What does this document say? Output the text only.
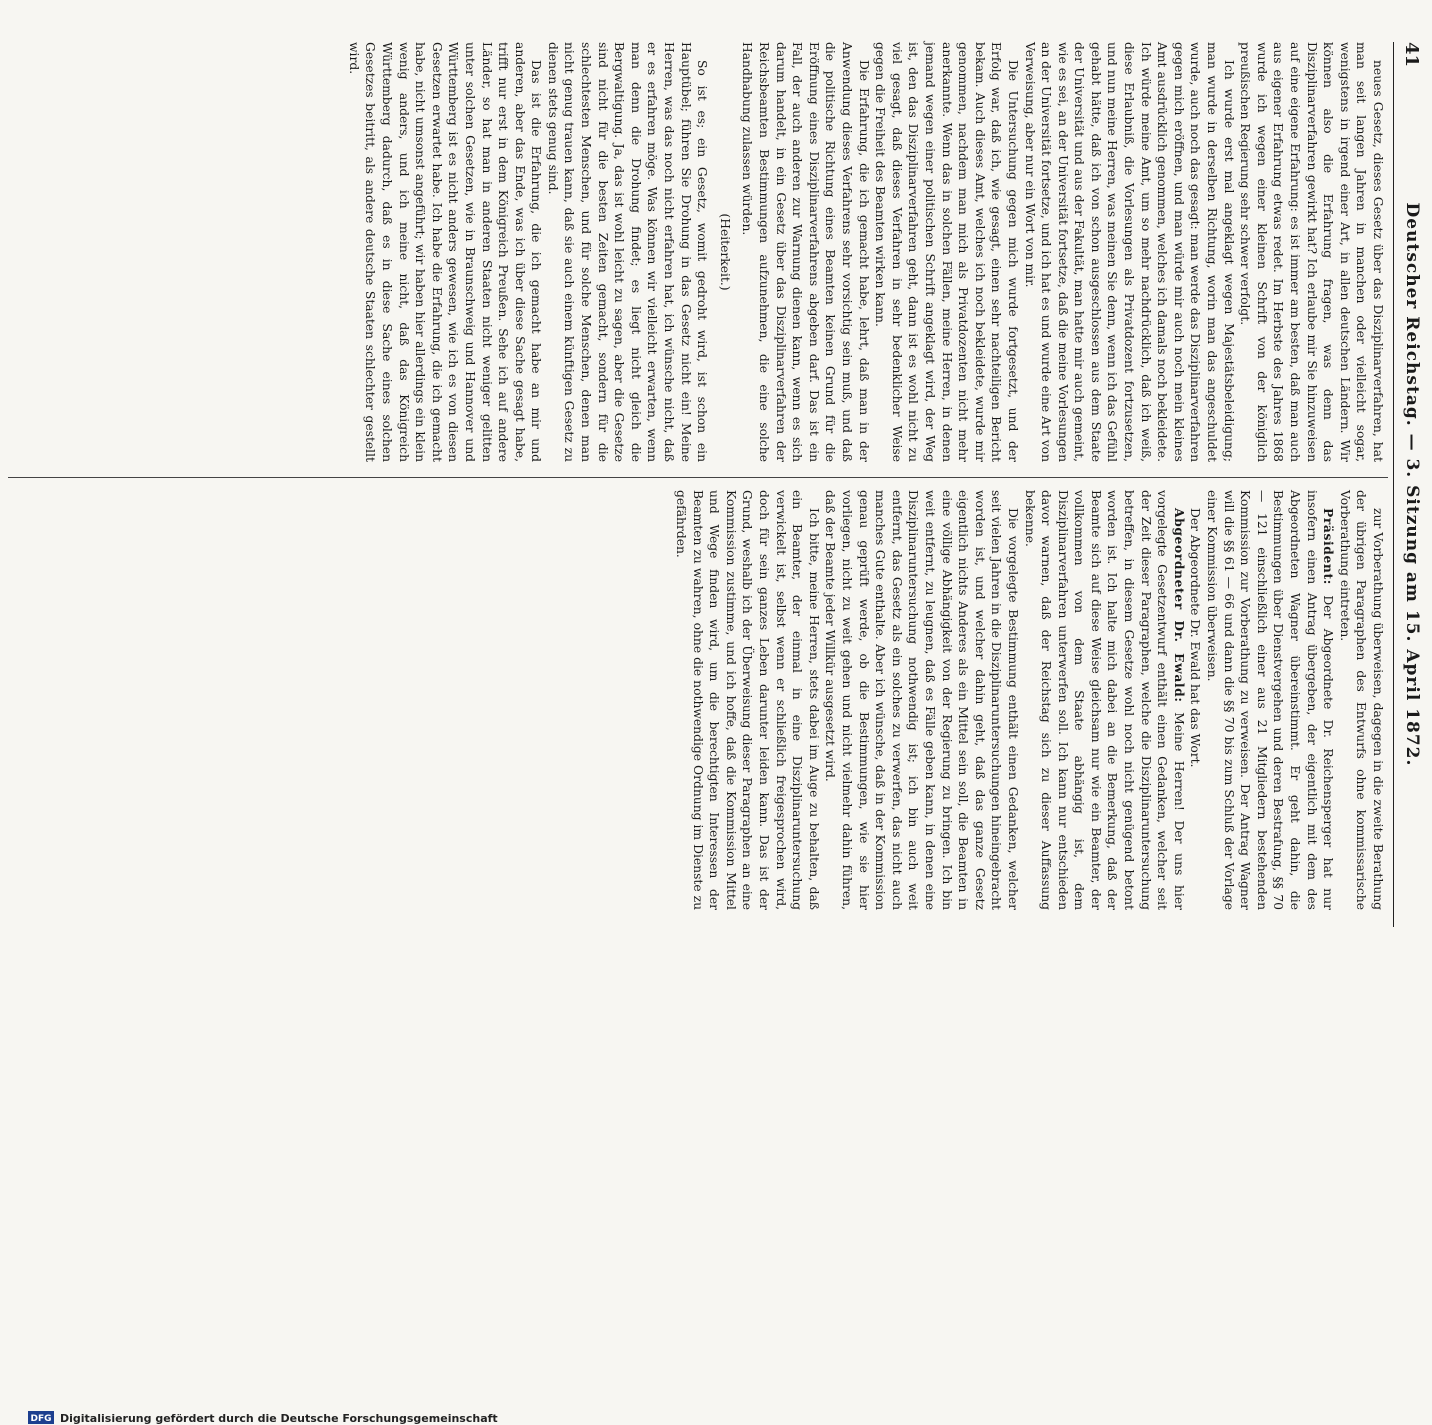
41
Deutscher Reichstag. — 3. Sitzung am 15. April 1872.

neues Gesetz, dieses Gesetz über das Disziplinarverfahren, hat man seit langen Jahren in manchen oder vielleicht sogar, wenigstens in irgend einer Art, in allen deutschen Ländern. Wir können also die Erfahrung fragen, was denn das Disziplinarverfahren gewirkt hat? Ich erlaube mir Sie hinzuweisen auf eine eigene Erfahrung: es ist immer am besten, daß man auch aus eigener Erfahrung etwas redet. Im Herbste des Jahres 1868 wurde ich wegen einer kleinen Schrift von der königlich preußischen Regierung sehr schwer verfolgt.

Ich wurde erst mal angeklagt wegen Majestätsbeleidigung; man wurde in derselben Richtung, worin man das angeschuldet wurde, auch noch das gesagt: man werde das Disziplinarverfahren gegen mich eröffnen, und man würde mir auch noch mein kleines Amt ausdrücklich genommen, welches ich damals noch bekleidete. Ich würde meine Amt, um so mehr nachdrücklich, daß ich weiß, diese Erlaubniß, die Vorlesungen als Privatdozent fortzusetzen, und nun meine Herren, was meinen Sie denn, wenn ich das Gefühl gehabt hätte, daß ich von schon ausgeschlossen aus dem Staate der Universität und aus der Fakultät, man hatte mir auch gemeint, wie es sei, an der Universität fortsetze, daß die meine Vorlesungen an der Universität fortsetze, und ich hat es und wurde eine Art von Verweisung, aber nur ein Wort von mir.

Die Untersuchung gegen mich wurde fortgesetzt, und der Erfolg war, daß ich, wie gesagt, einen sehr nachteiligen Bericht bekam. Auch dieses Amt, welches ich noch bekleidete, wurde mir genommen, nachdem man mich als Privatdozenten nicht mehr anerkannte. Wenn das in solchen Fällen, meine Herren, in denen jemand wegen einer politischen Schrift angeklagt wird, der Weg ist, den das Disziplinarverfahren geht, dann ist es wohl nicht zu viel gesagt, daß dieses Verfahren in sehr bedenklicher Weise gegen die Freiheit des Beamten wirken kann.

Die Erfahrung, die ich gemacht habe, lehrt, daß man in der Anwendung dieses Verfahrens sehr vorsichtig sein muß, und daß die politische Richtung eines Beamten keinen Grund für die Eröffnung eines Disziplinarverfahrens abgeben darf. Das ist ein Fall, der auch anderen zur Warnung dienen kann, wenn es sich darum handelt, in ein Gesetz über das Disziplinarverfahren der Reichsbeamten Bestimmungen aufzunehmen, die eine solche Handhabung zulassen würden.

(Heiterkeit.)

So ist es; ein Gesetz, womit gedroht wird, ist schon ein Hauptübel; führen Sie Drohung in das Gesetz nicht ein! Meine Herren, was das noch nicht erfahren hat, ich wünsche nicht, daß er es erfahren möge. Was können wir vielleicht erwarten, wenn man denn die Drohung findet; es liegt nicht gleich die Bergwaltigung. Ja, das ist wohl leicht zu sagen, aber die Gesetze sind nicht für die besten Zeiten gemacht, sondern für die schlechtesten Menschen, und für solche Menschen, denen man nicht genug trauen kann, daß sie auch einem künftigen Gesetz zu dienen stets genug sind.

Das ist die Erfahrung, die ich gemacht habe an mir und anderen, aber das Ende, was ich über diese Sache gesagt habe, trifft nur erst in dem Königreich Preußen. Sehe ich auf andere Länder, so hat man in anderen Staaten nicht weniger gelitten unter solchen Gesetzen, wie in Braunschweig und Hannover und Württemberg ist es nicht anders gewesen, wie ich es von diesen Gesetzen erwartet habe. Ich habe die Erfahrung, die ich gemacht habe, nicht umsonst angeführt; wir haben hier allerdings ein klein wenig anders, und ich meine nicht, daß das Königreich Württemberg dadurch, daß es in diese Sache eines solchen Gesetzes beitritt, als andere deutsche Staaten schlechter gestellt wird.

zur Vorberathung überweisen, dagegen in die zweite Berathung der übrigen Paragraphen des Entwurfs ohne kommissarische Vorberathung eintreten.

Präsident: Der Abgeordnete Dr. Reichensperger hat nur insofern einen Antrag übergeben, der eigentlich mit dem des Abgeordneten Wagner übereinstimmt. Er geht dahin, die Bestimmungen über Dienstvergehen und deren Bestrafung, §§ 70 — 121 einschließlich einer aus 21 Mitgliedern bestehenden Kommission zur Vorberathung zu verweisen. Der Antrag Wagner will die §§ 61 — 66 und dann die §§ 70 bis zum Schluß der Vorlage einer Kommission überweisen.

Der Abgeordnete Dr. Ewald hat das Wort.

Abgeordneter Dr. Ewald: Meine Herren! Der uns hier vorgelegte Gesetzentwurf enthält einen Gedanken, welcher seit der Zeit dieser Paragraphen, welche die Disziplinaruntersuchung betreffen, in diesem Gesetze wohl noch nicht genügend betont worden ist. Ich halte mich dabei an die Bemerkung, daß der Beamte sich auf diese Weise gleichsam nur wie ein Beamter, der vollkommen von dem Staate abhängig ist, dem Disziplinarverfahren unterwerfen soll. Ich kann nur entschieden davor warnen, daß der Reichstag sich zu dieser Auffassung bekenne.

Die vorgelegte Bestimmung enthält einen Gedanken, welcher seit vielen Jahren in die Disziplinaruntersuchungen hineingebracht worden ist, und welcher dahin geht, daß das ganze Gesetz eigentlich nichts Anderes als ein Mittel sein soll, die Beamten in eine völlige Abhängigkeit von der Regierung zu bringen. Ich bin weit entfernt, zu leugnen, daß es Fälle geben kann, in denen eine Disziplinaruntersuchung nothwendig ist; ich bin auch weit entfernt, das Gesetz als ein solches zu verwerfen, das nicht auch manches Gute enthalte. Aber ich wünsche, daß in der Kommission genau geprüft werde, ob die Bestimmungen, wie sie hier vorliegen, nicht zu weit gehen und nicht vielmehr dahin führen, daß der Beamte jeder Willkür ausgesetzt wird.

Ich bitte, meine Herren, stets dabei im Auge zu behalten, daß ein Beamter, der einmal in eine Disziplinaruntersuchung verwickelt ist, selbst wenn er schließlich freigesprochen wird, doch für sein ganzes Leben darunter leiden kann. Das ist der Grund, weshalb ich der Überweisung dieser Paragraphen an eine Kommission zustimme, und ich hoffe, daß die Kommission Mittel und Wege finden wird, um die berechtigten Interessen der Beamten zu wahren, ohne die nothwendige Ordnung im Dienste zu gefährden.

DFG Digitalisierung gefördert durch die Deutsche Forschungsgemeinschaft
